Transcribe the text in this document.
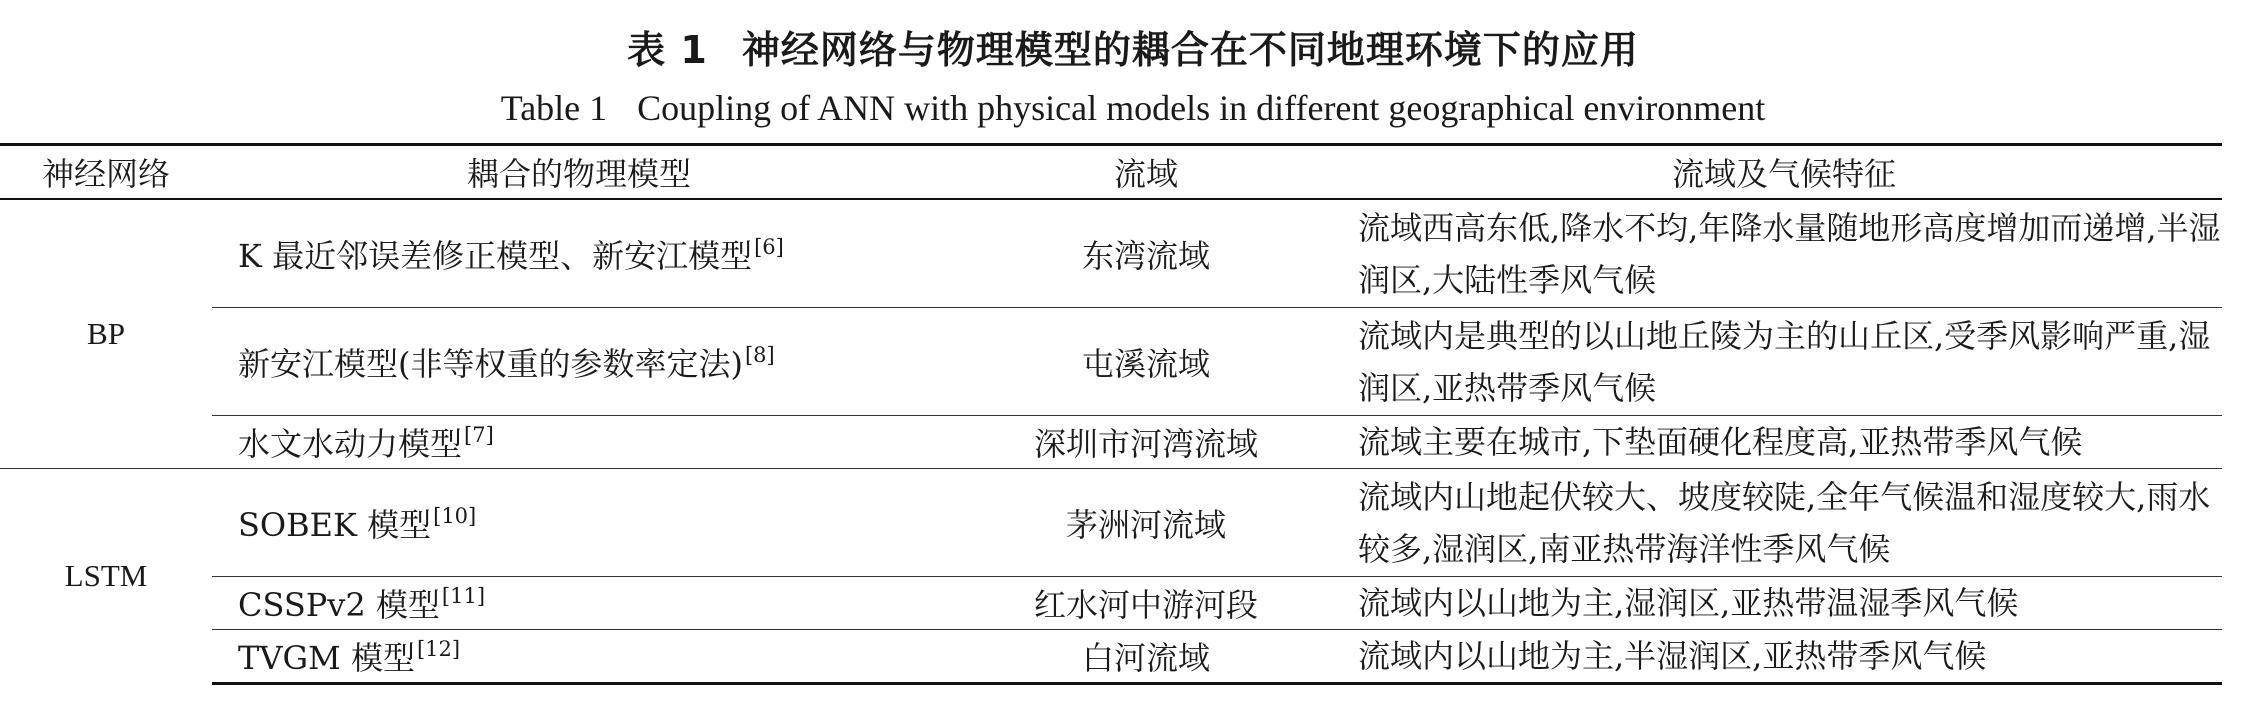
表 1 神经网络与物理模型的耦合在不同地理环境下的应用
Table 1 Coupling of ANN with physical models in different geographical environment
神经网络	耦合的物理模型	流域	流域及气候特征
BP	K 最近邻误差修正模型、新安江模型[6]	东湾流域	流域西高东低,降水不均,年降水量随地形高度增加而递增,半湿润区,大陆性季风气候
	新安江模型(非等权重的参数率定法)[8]	屯溪流域	流域内是典型的以山地丘陵为主的山丘区,受季风影响严重,湿润区,亚热带季风气候
	水文水动力模型[7]	深圳市河湾流域	流域主要在城市,下垫面硬化程度高,亚热带季风气候
LSTM	SOBEK 模型[10]	茅洲河流域	流域内山地起伏较大、坡度较陡,全年气候温和湿度较大,雨水较多,湿润区,南亚热带海洋性季风气候
	CSSPv2 模型[11]	红水河中游河段	流域内以山地为主,湿润区,亚热带温湿季风气候
	TVGM 模型[12]	白河流域	流域内以山地为主,半湿润区,亚热带季风气候
